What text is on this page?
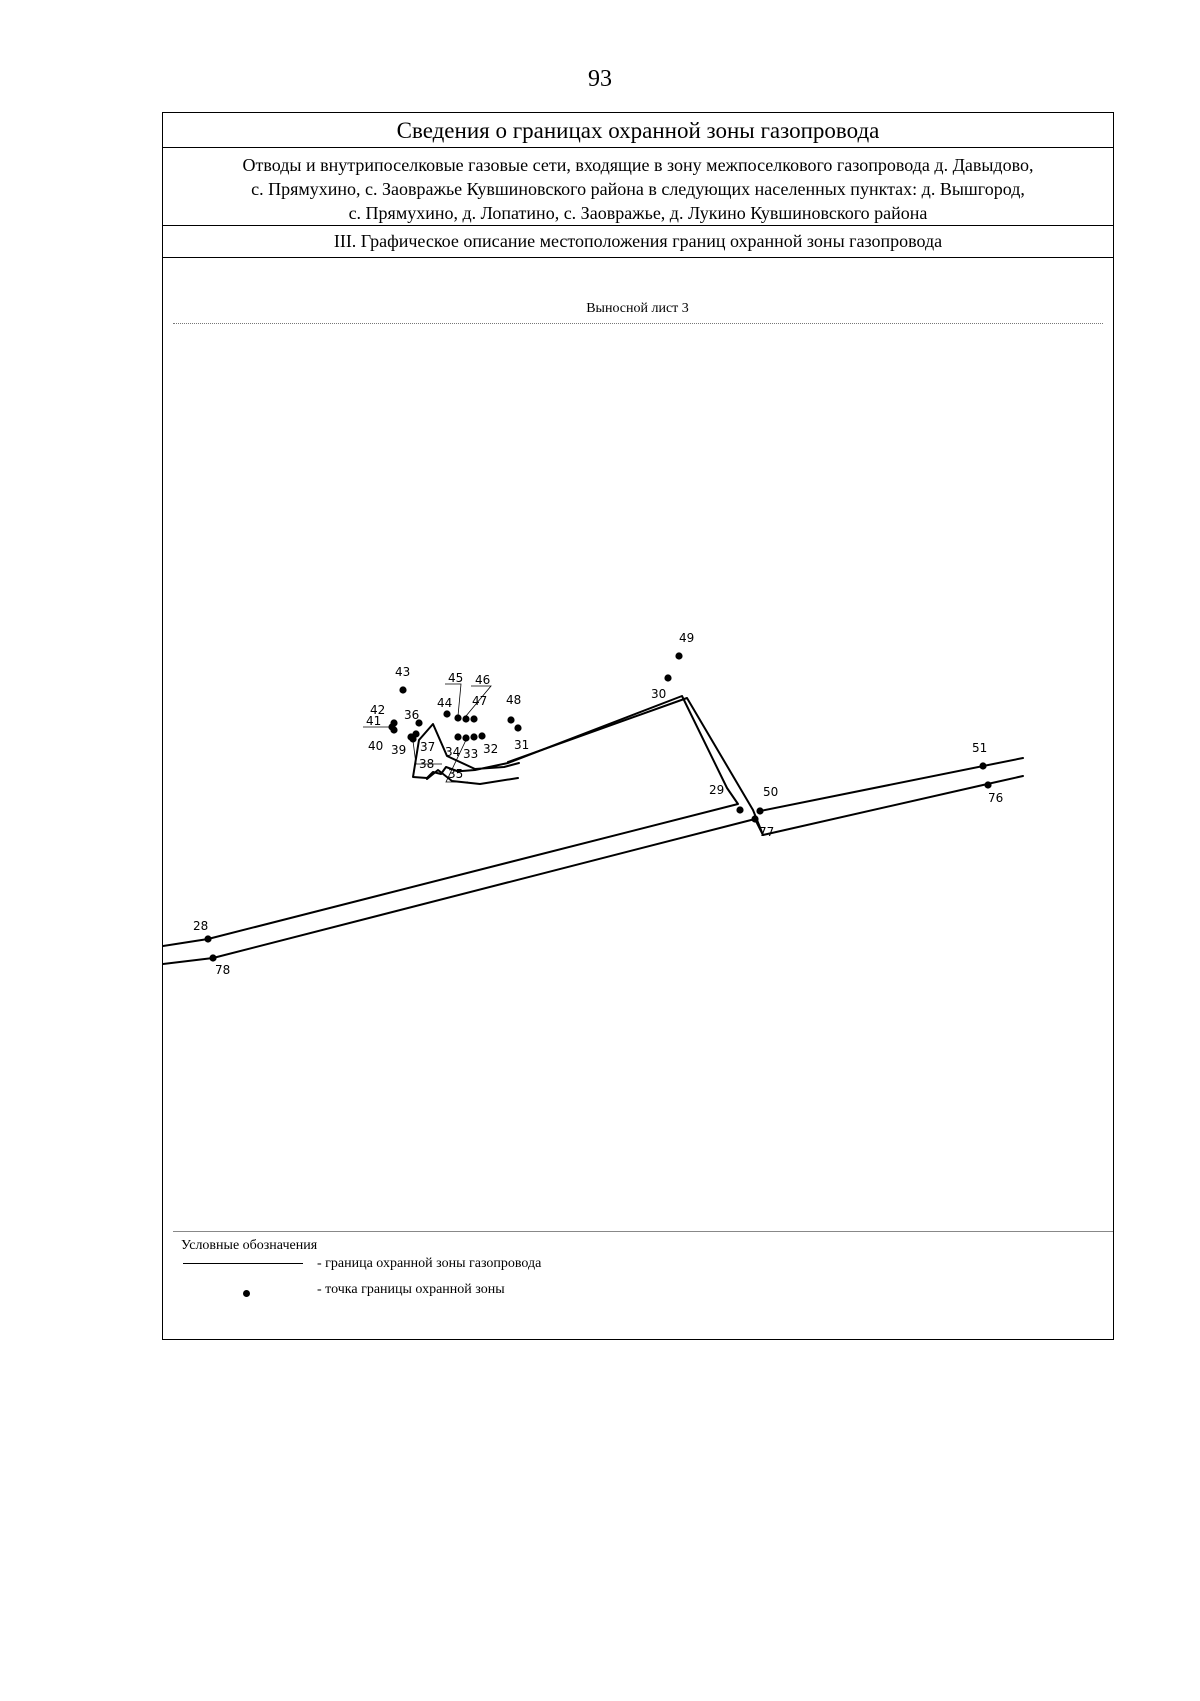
93
Сведения о границах охранной зоны газопровода
Отводы и внутрипоселковые газовые сети, входящие в зону межпоселкового газопровода д. Давыдово,
с. Прямухино, с. Заовражье Кувшиновского района в следующих населенных пунктах: д. Вышгород,
с. Прямухино, д. Лопатино, с. Заовражье, д. Лукино Кувшиновского района
III. Графическое описание местоположения границ охранной зоны газопровода
Выносной лист 3
28
78
29	50
77
51
76
49
30
48
31
43	45 46
44 47
42 36
41
40 39 37 34 33 32
38
35
Условные обозначения
- граница охранной зоны газопровода
- точка границы охранной зоны
